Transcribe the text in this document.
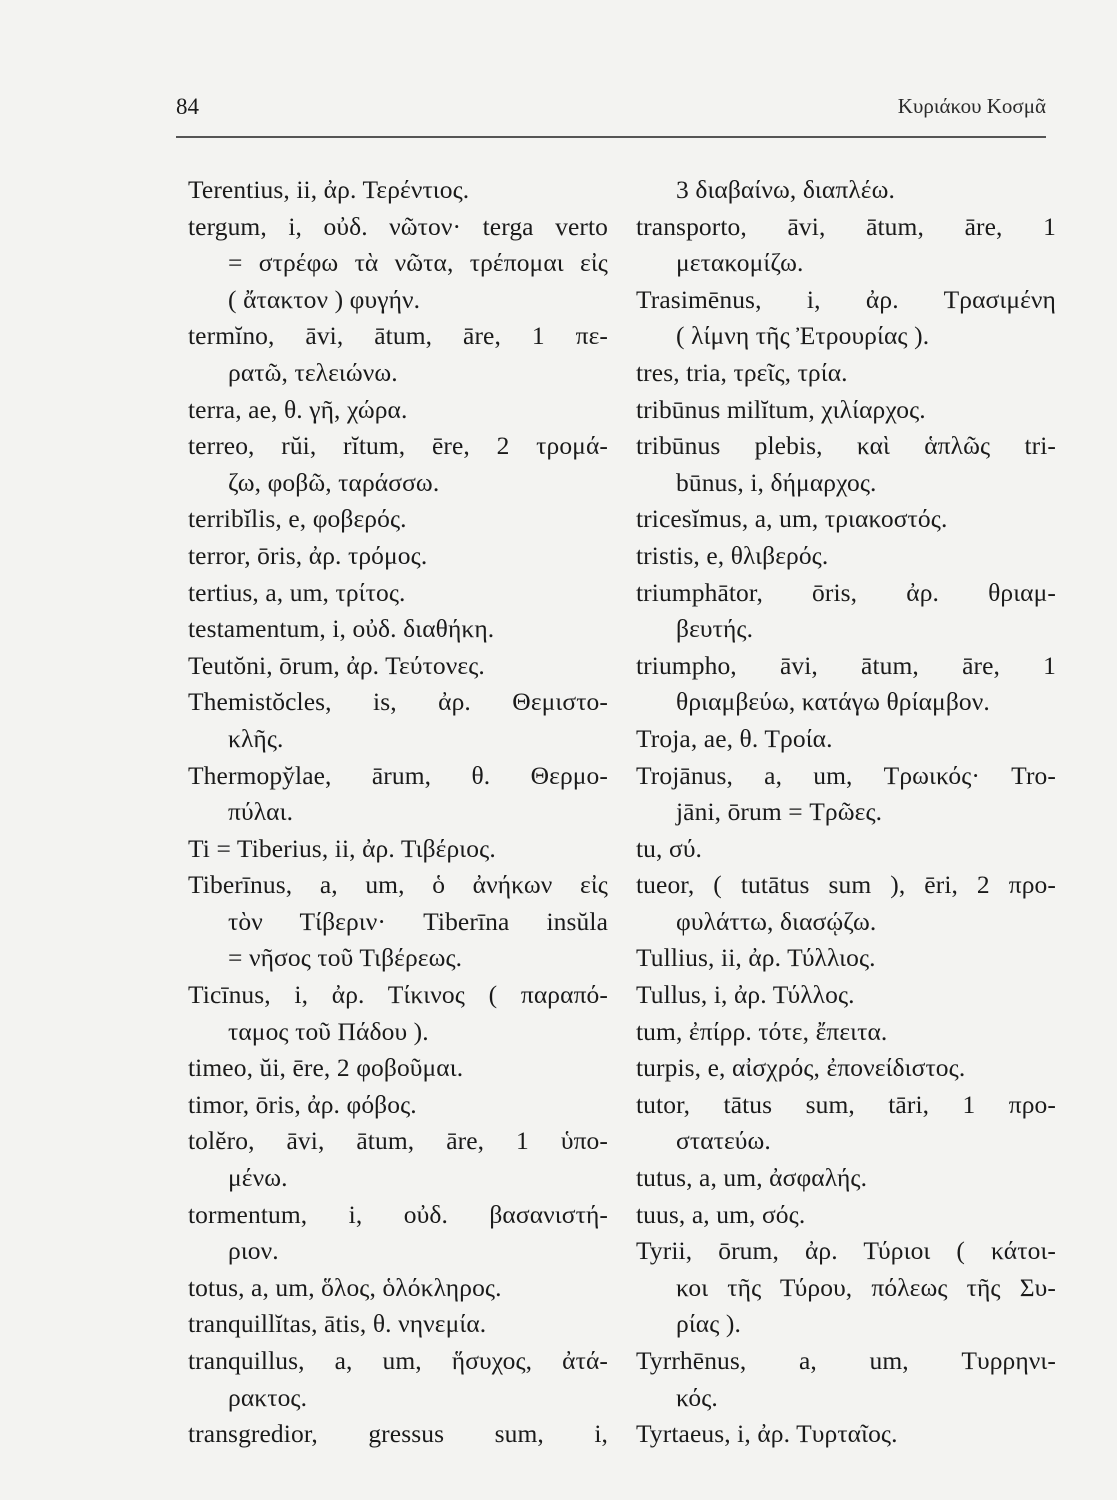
84	Κυριάκου Κοσμᾶ
Terentius, ii, ἀρ. Τερέντιος.
tergum, i, οὐδ. νῶτον· terga verto
= στρέφω τὰ νῶτα, τρέπομαι εἰς
( ἄτακτον ) φυγήν.
termĭno, āvi, ātum, āre, 1 πε-
ρατῶ, τελειώνω.
terra, ae, θ. γῆ, χώρα.
terreo, rŭi, rĭtum, ēre, 2 τρομά-
ζω, φοβῶ, ταράσσω.
terribĭlis, e, φοβερός.
terror, ōris, ἀρ. τρόμος.
tertius, a, um, τρίτος.
testamentum, i, οὐδ. διαθήκη.
Teutŏni, ōrum, ἀρ. Τεύτονες.
Themistŏcles, is, ἀρ. Θεμιστο-
κλῆς.
Thermopy̆lae, ārum, θ. Θερμο-
πύλαι.
Ti = Tiberius, ii, ἀρ. Τιβέριος.
Tiberīnus, a, um, ὁ ἀνήκων εἰς
τὸν Τίβεριν· Tiberīna insŭla
= νῆσος τοῦ Τιβέρεως.
Ticīnus, i, ἀρ. Τίκινος ( παραπό-
ταμος τοῦ Πάδου ).
timeo, ŭi, ēre, 2 φοβοῦμαι.
timor, ōris, ἀρ. φόβος.
tolĕro, āvi, ātum, āre, 1 ὑπο-
μένω.
tormentum, i, οὐδ. βασανιστή-
ριον.
totus, a, um, ὅλος, ὁλόκληρος.
tranquillĭtas, ātis, θ. νηνεμία.
tranquillus, a, um, ἥσυχος, ἀτά-
ρακτος.
transgredior, gressus sum, i,
3 διαβαίνω, διαπλέω.
transporto, āvi, ātum, āre, 1
μετακομίζω.
Trasimēnus, i, ἀρ. Τρασιμένη
( λίμνη τῆς Ἐτρουρίας ).
tres, tria, τρεῖς, τρία.
tribūnus milĭtum, χιλίαρχος.
tribūnus plebis, καὶ ἁπλῶς tri-
būnus, i, δήμαρχος.
tricesĭmus, a, um, τριακοστός.
tristis, e, θλιβερός.
triumphātor, ōris, ἀρ. θριαμ-
βευτής.
triumpho, āvi, ātum, āre, 1
θριαμβεύω, κατάγω θρίαμβον.
Troja, ae, θ. Τροία.
Trojānus, a, um, Τρωικός· Tro-
jāni, ōrum = Τρῶες.
tu, σύ.
tueor, ( tutātus sum ), ēri, 2 προ-
φυλάττω, διασῴζω.
Tullius, ii, ἀρ. Τύλλιος.
Tullus, i, ἀρ. Τύλλος.
tum, ἐπίρρ. τότε, ἔπειτα.
turpis, e, αἰσχρός, ἐπονείδιστος.
tutor, tātus sum, tāri, 1 προ-
στατεύω.
tutus, a, um, ἀσφαλής.
tuus, a, um, σός.
Tyrii, ōrum, ἀρ. Τύριοι ( κάτοι-
κοι τῆς Τύρου, πόλεως τῆς Συ-
ρίας ).
Tyrrhēnus, a, um, Τυρρηνι-
κός.
Tyrtaeus, i, ἀρ. Τυρταῖος.
